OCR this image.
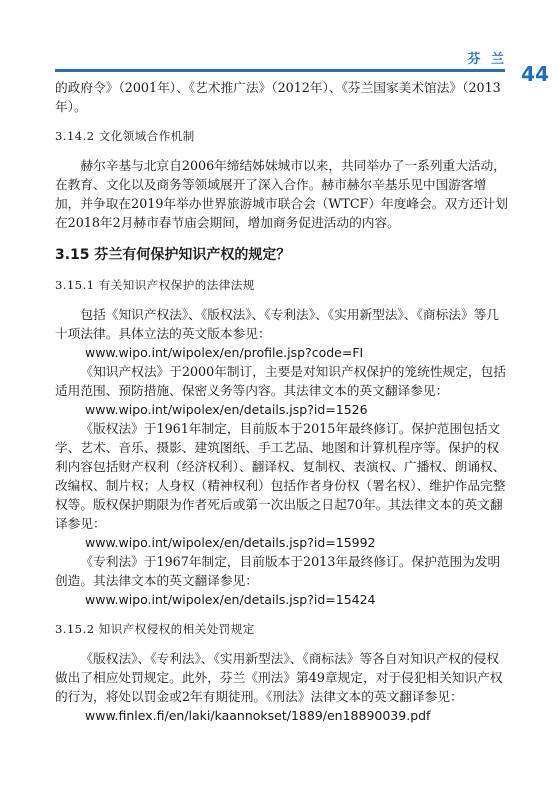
芬 兰
44

的政府令》（2001年）、《艺术推广法》（2012年）、《芬兰国家美术馆法》（2013年）。

3.14.2 文化领域合作机制

赫尔辛基与北京自2006年缔结姊妹城市以来，共同举办了一系列重大活动，在教育、文化以及商务等领域展开了深入合作。赫市赫尔辛基乐见中国游客增加，并争取在2019年举办世界旅游城市联合会（WTCF）年度峰会。双方还计划在2018年2月赫市春节庙会期间，增加商务促进活动的内容。

3.15 芬兰有何保护知识产权的规定？

3.15.1 有关知识产权保护的法律法规

包括《知识产权法》、《版权法》、《专利法》、《实用新型法》、《商标法》等几十项法律。具体立法的英文版本参见：

www.wipo.int/wipolex/en/profile.jsp?code=FI

《知识产权法》于2000年制订，主要是对知识产权保护的笼统性规定，包括适用范围、预防措施、保密义务等内容。其法律文本的英文翻译参见：

www.wipo.int/wipolex/en/details.jsp?id=1526

《版权法》于1961年制定，目前版本于2015年最终修订。保护范围包括文学、艺术、音乐、摄影、建筑图纸、手工艺品、地图和计算机程序等。保护的权利内容包括财产权利（经济权利）、翻译权、复制权、表演权、广播权、朗诵权、改编权、制片权；人身权（精神权利）包括作者身份权（署名权）、维护作品完整权等。版权保护期限为作者死后或第一次出版之日起70年。其法律文本的英文翻译参见：

www.wipo.int/wipolex/en/details.jsp?id=15992

《专利法》于1967年制定，目前版本于2013年最终修订。保护范围为发明创造。其法律文本的英文翻译参见：

www.wipo.int/wipolex/en/details.jsp?id=15424

3.15.2 知识产权侵权的相关处罚规定

《版权法》、《专利法》、《实用新型法》、《商标法》等各自对知识产权的侵权做出了相应处罚规定。此外，芬兰《刑法》第49章规定，对于侵犯相关知识产权的行为，将处以罚金或2年有期徒刑。《刑法》法律文本的英文翻译参见：

www.finlex.fi/en/laki/kaannokset/1889/en18890039.pdf
